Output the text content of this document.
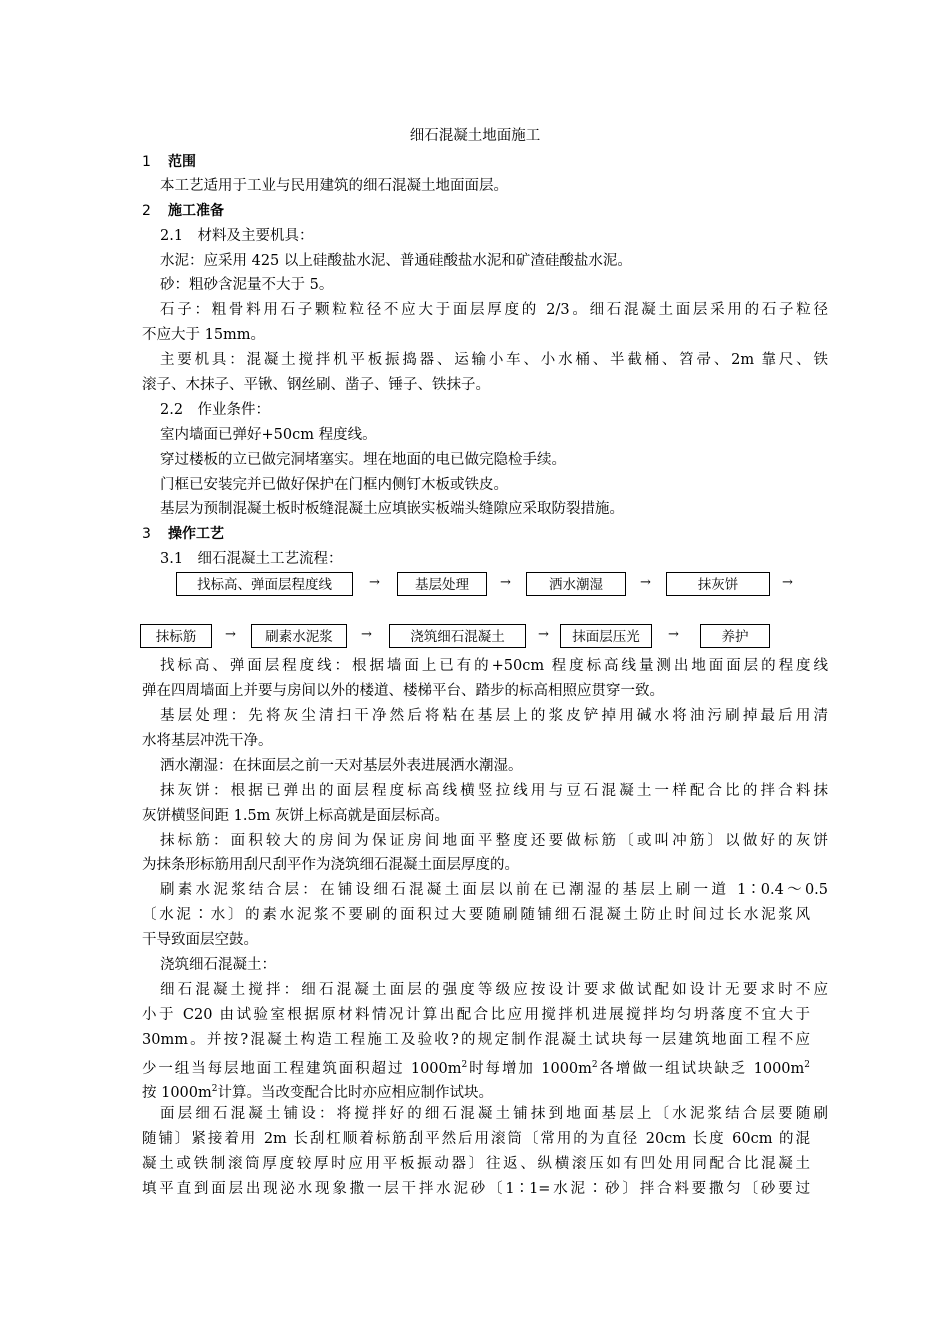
细石混凝土地面施工
1 范围
本工艺适用于工业与民用建筑的细石混凝土地面面层。
2 施工准备
2.1　材料及主要机具：
水泥：应采用 425 以上硅酸盐水泥、普通硅酸盐水泥和矿渣硅酸盐水泥。
砂：粗砂含泥量不大于 5。
石子：粗骨料用石子颗粒粒径不应大于面层厚度的 2/3。细石混凝土面层采用的石子粒径
不应大于 15mm。
主要机具：混凝土搅拌机平板振捣器、运输小车、小水桶、半截桶、笤帚、2m 靠尺、铁
滚子、木抹子、平锹、钢丝刷、凿子、锤子、铁抹子。
2.2　作业条件：
室内墙面已弹好+50cm 程度线。
穿过楼板的立已做完洞堵塞实。埋在地面的电已做完隐检手续。
门框已安装完并已做好保护在门框内侧钉木板或铁皮。
基层为预制混凝土板时板缝混凝土应填嵌实板端头缝隙应采取防裂措施。
3 操作工艺
3.1　细石混凝土工艺流程：
找标高、弹面层程度线	→	基层处理	→	洒水潮湿	→	抹灰饼	→
抹标筋	→	刷素水泥浆	→	浇筑细石混凝土	→	抹面层压光	→	养护
找标高、弹面层程度线：根据墙面上已有的+50cm 程度标高线量测出地面面层的程度线
弹在四周墙面上并要与房间以外的楼道、楼梯平台、踏步的标高相照应贯穿一致。
基层处理：先将灰尘清扫干净然后将粘在基层上的浆皮铲掉用碱水将油污刷掉最后用清
水将基层冲洗干净。
洒水潮湿：在抹面层之前一天对基层外表进展洒水潮湿。
抹灰饼：根据已弹出的面层程度标高线横竖拉线用与豆石混凝土一样配合比的拌合料抹
灰饼横竖间距 1.5m 灰饼上标高就是面层标高。
抹标筋：面积较大的房间为保证房间地面平整度还要做标筋〔或叫冲筋〕以做好的灰饼
为抹条形标筋用刮尺刮平作为浇筑细石混凝土面层厚度的。
刷素水泥浆结合层：在铺设细石混凝土面层以前在已潮湿的基层上刷一道 1∶0.4～0.5
〔水泥∶水〕的素水泥浆不要刷的面积过大要随刷随铺细石混凝土防止时间过长水泥浆风
干导致面层空鼓。
浇筑细石混凝土：
细石混凝土搅拌：细石混凝土面层的强度等级应按设计要求做试配如设计无要求时不应
小于 C20 由试验室根据原材料情况计算出配合比应用搅拌机进展搅拌均匀坍落度不宜大于
30mm。并按?混凝土构造工程施工及验收?的规定制作混凝土试块每一层建筑地面工程不应
少一组当每层地面工程建筑面积超过 $1000m^2$时每增加 $1000m^2$各增做一组试块缺乏 $1000m^2$
按 $1000m^2$计算。当改变配合比时亦应相应制作试块。
面层细石混凝土铺设：将搅拌好的细石混凝土铺抹到地面基层上〔水泥浆结合层要随刷
随铺〕紧接着用 2m 长刮杠顺着标筋刮平然后用滚筒〔常用的为直径 20cm 长度 60cm 的混
凝土或铁制滚筒厚度较厚时应用平板振动器〕往返、纵横滚压如有凹处用同配合比混凝土
填平直到面层出现泌水现象撒一层干拌水泥砂〔1∶1=水泥∶砂〕拌合料要撒匀〔砂要过
